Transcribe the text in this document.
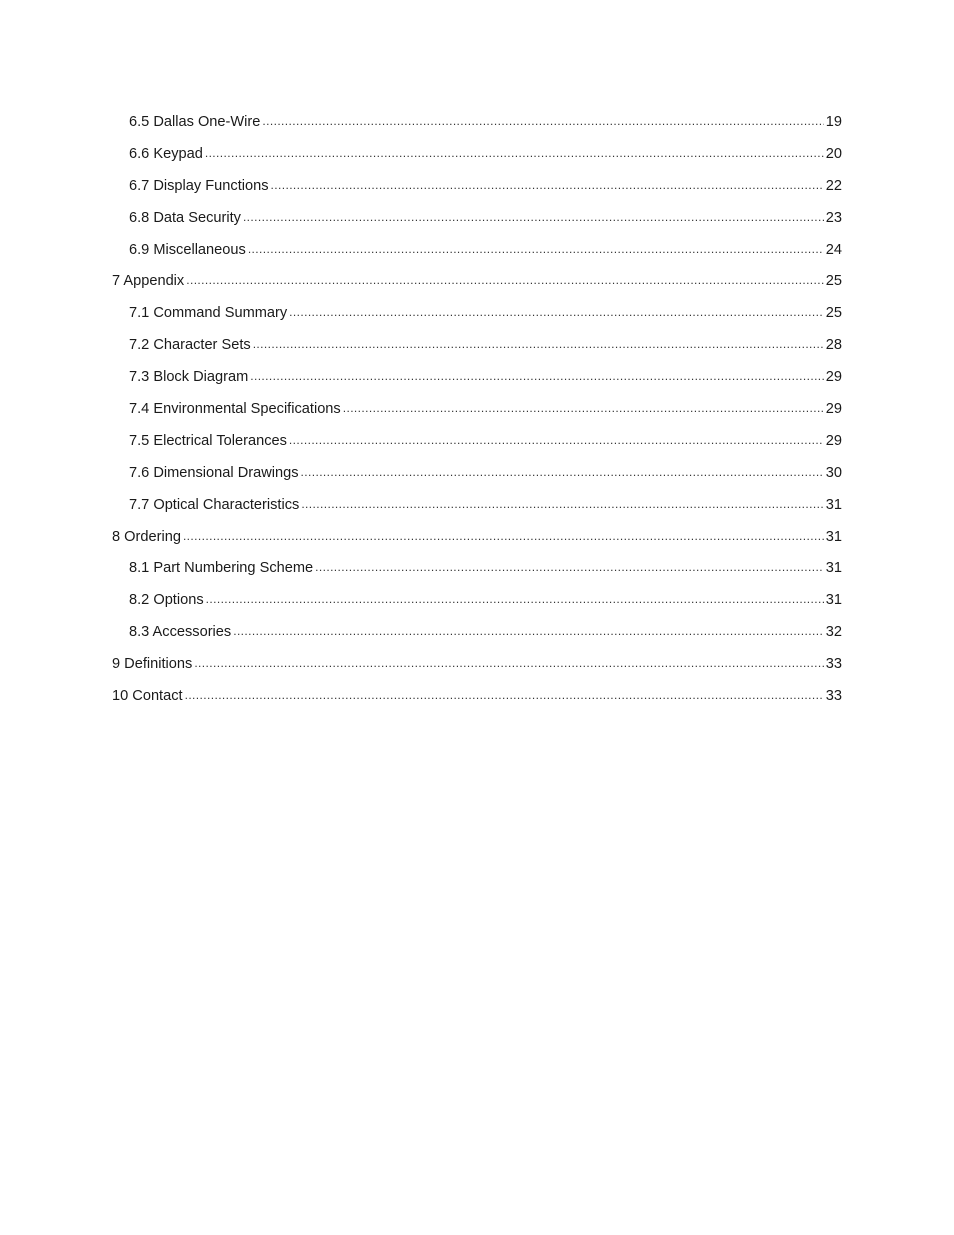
6.5 Dallas One-Wire .....	19
6.6 Keypad .....	20
6.7 Display Functions .....	22
6.8 Data Security .....	23
6.9 Miscellaneous .....	24
7 Appendix .....	25
7.1 Command Summary .....	25
7.2 Character Sets .....	28
7.3 Block Diagram .....	29
7.4 Environmental Specifications .....	29
7.5 Electrical Tolerances .....	29
7.6 Dimensional Drawings .....	30
7.7 Optical Characteristics .....	31
8 Ordering .....	31
8.1 Part Numbering Scheme .....	31
8.2 Options .....	31
8.3 Accessories .....	32
9 Definitions .....	33
10 Contact .....	33
